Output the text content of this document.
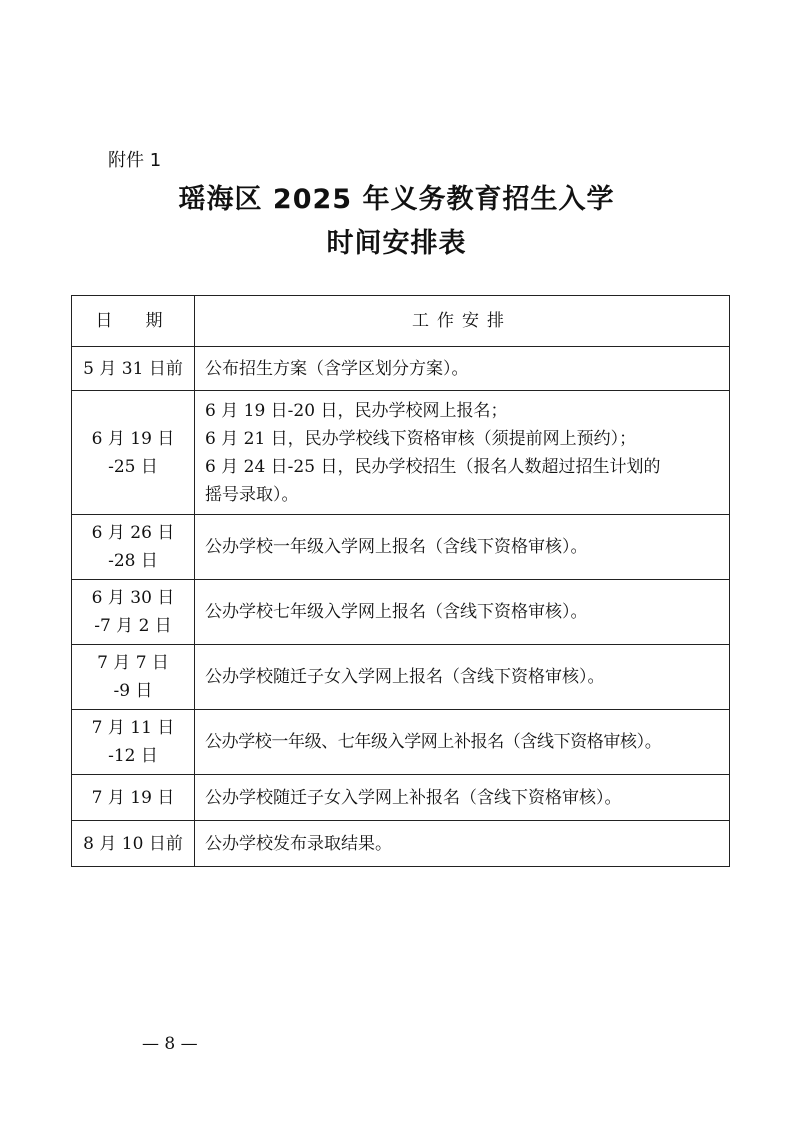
附件 1
瑶海区 2025 年义务教育招生入学
时间安排表
日　期	工作安排

5 月 31 日前	公布招生方案（含学区划分方案）。

6 月 19 日
-25 日	6 月 19 日-20 日，民办学校网上报名；
6 月 21 日，民办学校线下资格审核（须提前网上预约）；
6 月 24 日-25 日，民办学校招生（报名人数超过招生计划的
摇号录取）。

6 月 26 日
-28 日	公办学校一年级入学网上报名（含线下资格审核）。

6 月 30 日
-7 月 2 日	公办学校七年级入学网上报名（含线下资格审核）。

7 月 7 日
-9 日	公办学校随迁子女入学网上报名（含线下资格审核）。

7 月 11 日
-12 日	公办学校一年级、七年级入学网上补报名（含线下资格审核）。

7 月 19 日	公办学校随迁子女入学网上补报名（含线下资格审核）。

8 月 10 日前	公办学校发布录取结果。
— 8 —
